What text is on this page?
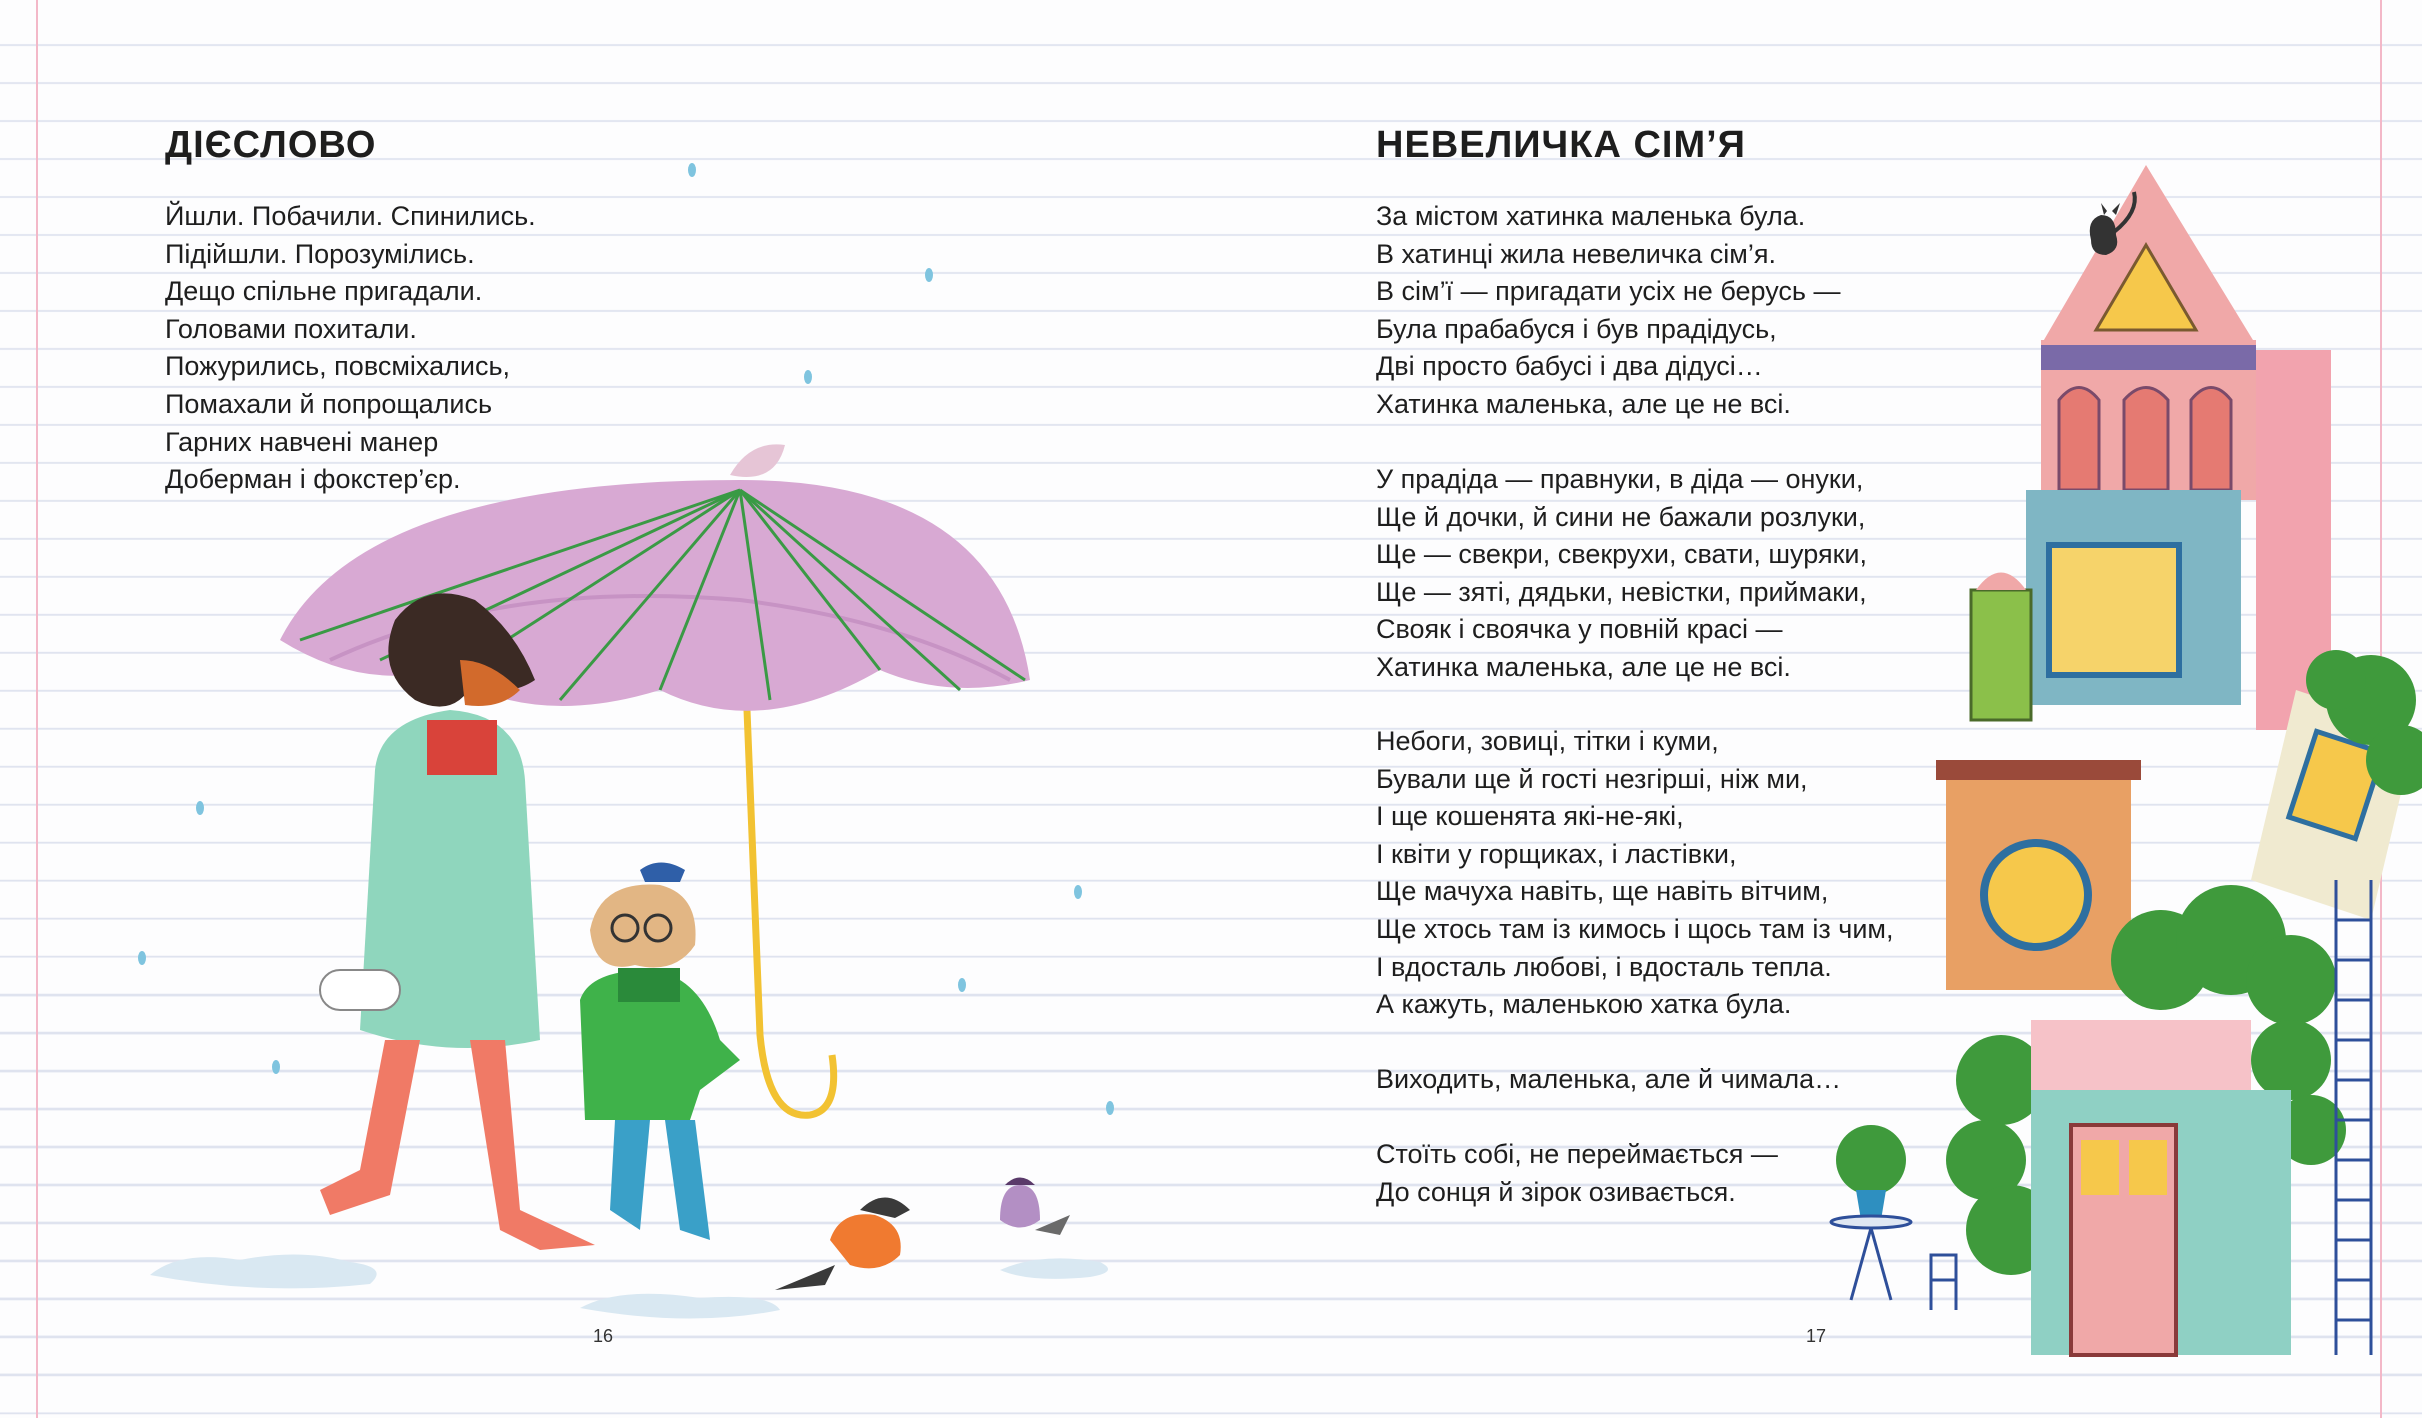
ДІЄСЛОВО

Йшли. Побачили. Спинились.
Підійшли. Порозумілись.
Дещо спільне пригадали.
Головами похитали.
Пожурились, повсміхались,
Помахали й попрощались
Гарних навчені манер
Доберман і фокстер’єр.

16
НЕВЕЛИЧКА СІМ’Я

За містом хатинка маленька була.
В хатинці жила невеличка сім’я.
В сім’ї — пригадати усіх не берусь —
Була прабабуся і був прадідусь,
Дві просто бабусі і два дідусі…
Хатинка маленька, але це не всі.

У прадіда — правнуки, в діда — онуки,
Ще й дочки, й сини не бажали розлуки,
Ще — свекри, свекрухи, свати, шуряки,
Ще — зяті, дядьки, невістки, приймаки,
Свояк і своячка у повній красі —
Хатинка маленька, але це не всі.

Небоги, зовиці, тітки і куми,
Бували ще й гості незгірші, ніж ми,
І ще кошенята які-не-які,
І квіти у горщиках, і ластівки,
Ще мачуха навіть, ще навіть вітчим,
Ще хтось там із кимось і щось там із чим,
І вдосталь любові, і вдосталь тепла.
А кажуть, маленькою хатка була.

Виходить, маленька, але й чимала…

Стоїть собі, не переймається —
До сонця й зірок озивається.

17
